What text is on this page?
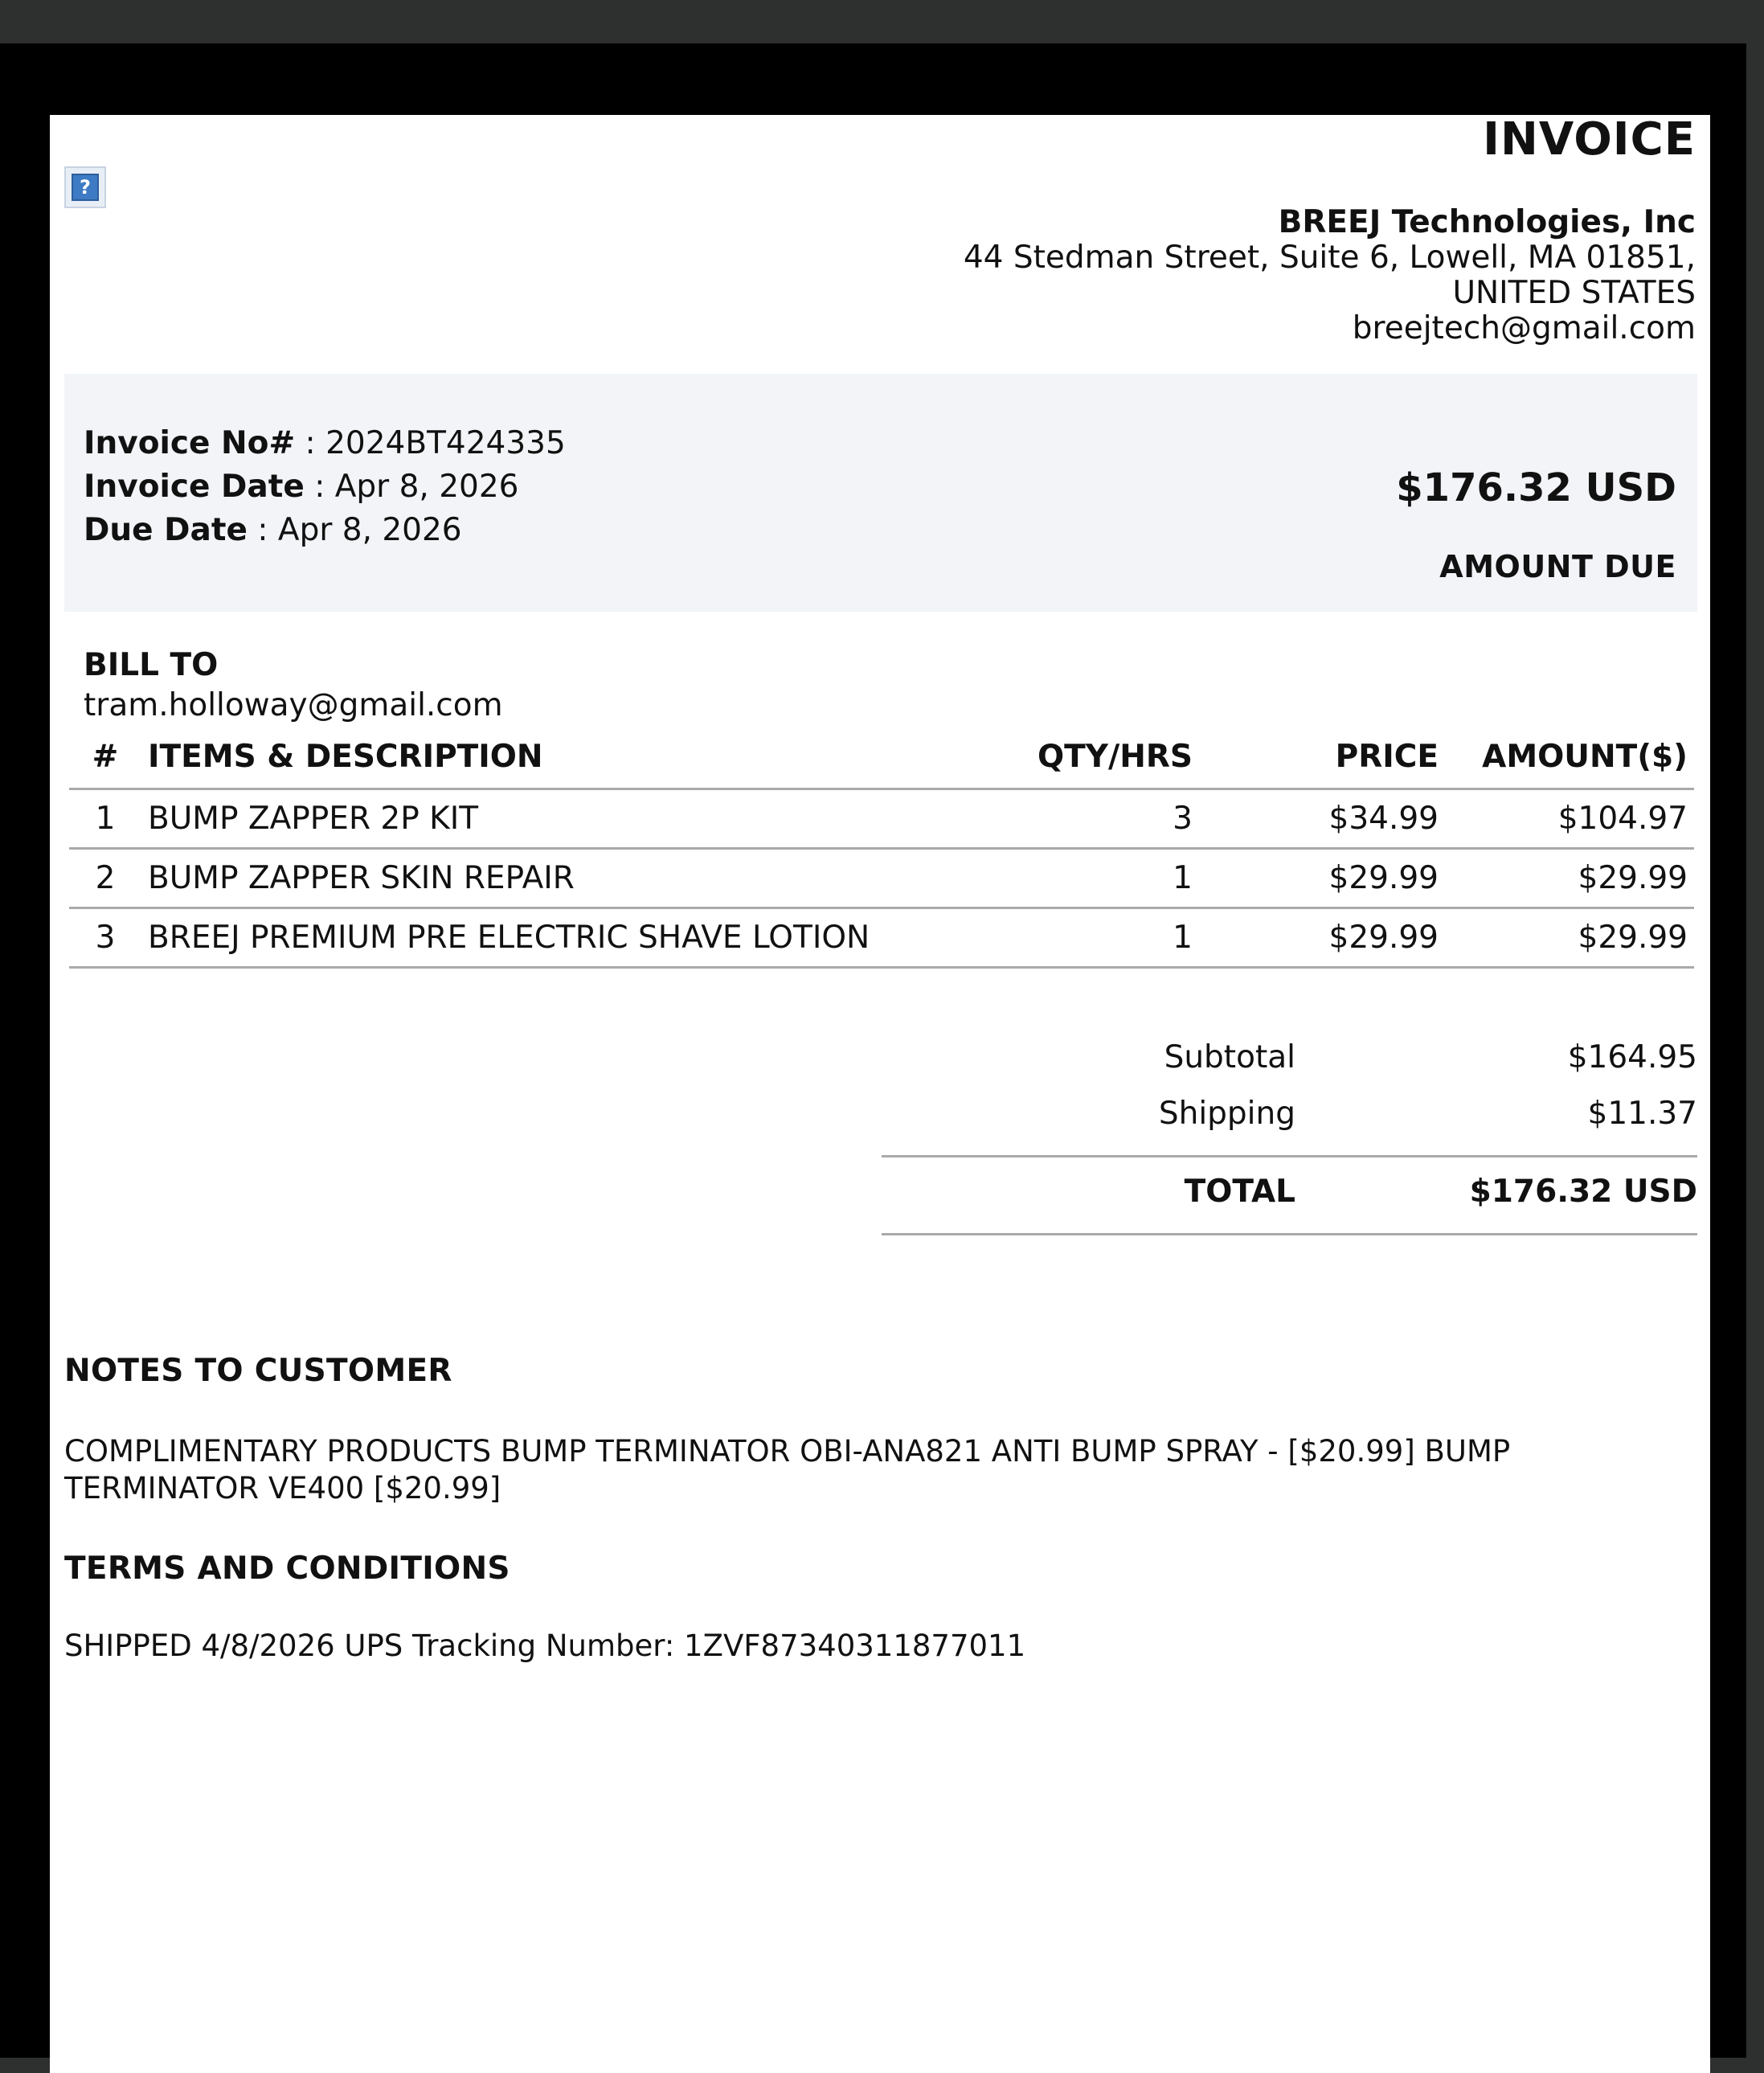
?
INVOICE
BREEJ Technologies, Inc
44 Stedman Street, Suite 6, Lowell, MA 01851,
UNITED STATES
breejtech@gmail.com
Invoice No# : 2024BT424335
Invoice Date : Apr 8, 2026
Due Date : Apr 8, 2026
$176.32 USD
AMOUNT DUE
BILL TO
tram.holloway@gmail.com
#	ITEMS & DESCRIPTION	QTY/HRS	PRICE	AMOUNT($)
1	BUMP ZAPPER 2P KIT	3	$34.99	$104.97
2	BUMP ZAPPER SKIN REPAIR	1	$29.99	$29.99
3	BREEJ PREMIUM PRE ELECTRIC SHAVE LOTION	1	$29.99	$29.99
Subtotal	$164.95
Shipping	$11.37
TOTAL	$176.32 USD
NOTES TO CUSTOMER
COMPLIMENTARY PRODUCTS BUMP TERMINATOR OBI-ANA821 ANTI BUMP SPRAY - [$20.99] BUMP TERMINATOR VE400 [$20.99]
TERMS AND CONDITIONS
SHIPPED 4/8/2026 UPS Tracking Number: 1ZVF87340311877011
